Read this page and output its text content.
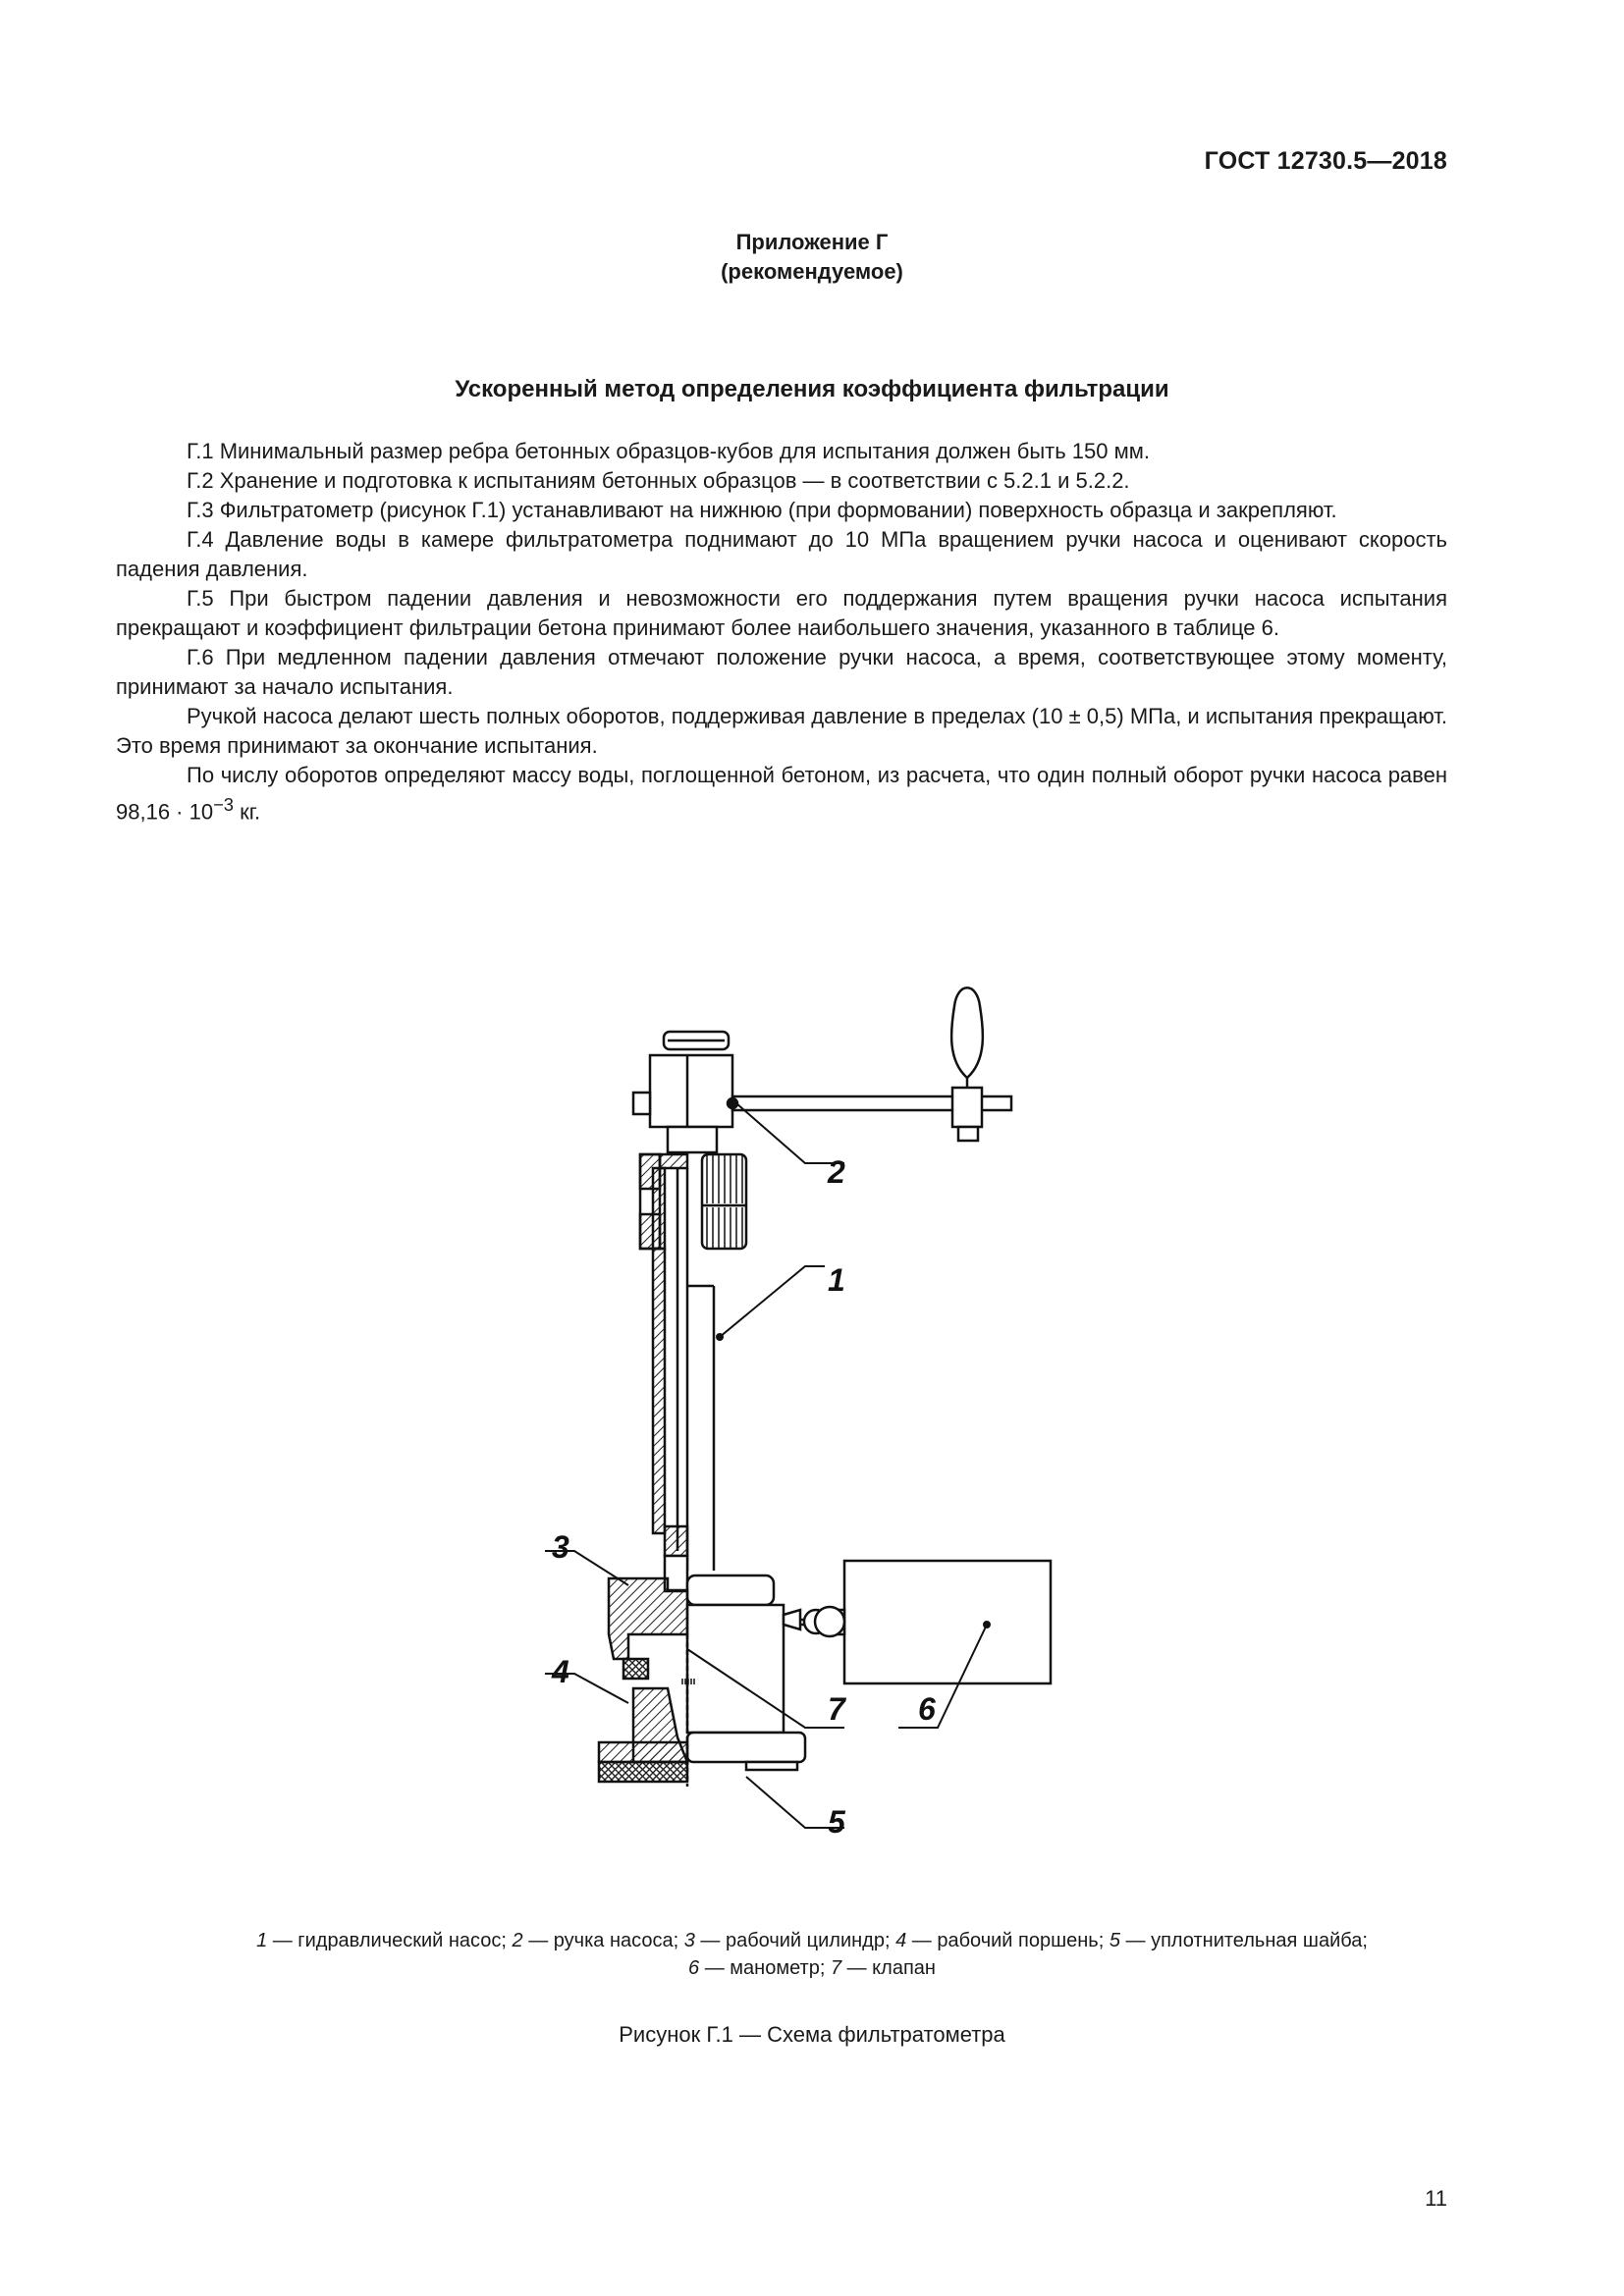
ГОСТ 12730.5—2018
Приложение Г
(рекомендуемое)
Ускоренный метод определения коэффициента фильтрации

Г.1 Минимальный размер ребра бетонных образцов-кубов для испытания должен быть 150 мм.

Г.2 Хранение и подготовка к испытаниям бетонных образцов — в соответствии с 5.2.1 и 5.2.2.

Г.3 Фильтратометр (рисунок Г.1) устанавливают на нижнюю (при формовании) поверхность образца и закрепляют.

Г.4 Давление воды в камере фильтратометра поднимают до 10 МПа вращением ручки насоса и оценивают скорость падения давления.

Г.5 При быстром падении давления и невозможности его поддержания путем вращения ручки насоса испытания прекращают и коэффициент фильтрации бетона принимают более наибольшего значения, указанного в таблице 6.

Г.6 При медленном падении давления отмечают положение ручки насоса, а время, соответствующее этому моменту, принимают за начало испытания.

Ручкой насоса делают шесть полных оборотов, поддерживая давление в пределах (10 ± 0,5) МПа, и испытания прекращают. Это время принимают за окончание испытания.

По числу оборотов определяют массу воды, поглощенной бетоном, из расчета, что один полный оборот ручки насоса равен $98,16 \cdot 10^{-3}$ кг.

1
2
3
4
5
6
7
1 — гидравлический насос; 2 — ручка насоса; 3 — рабочий цилиндр; 4 — рабочий поршень; 5 — уплотнительная шайба;
6 — манометр; 7 — клапан
Рисунок Г.1 — Схема фильтратометра
11
